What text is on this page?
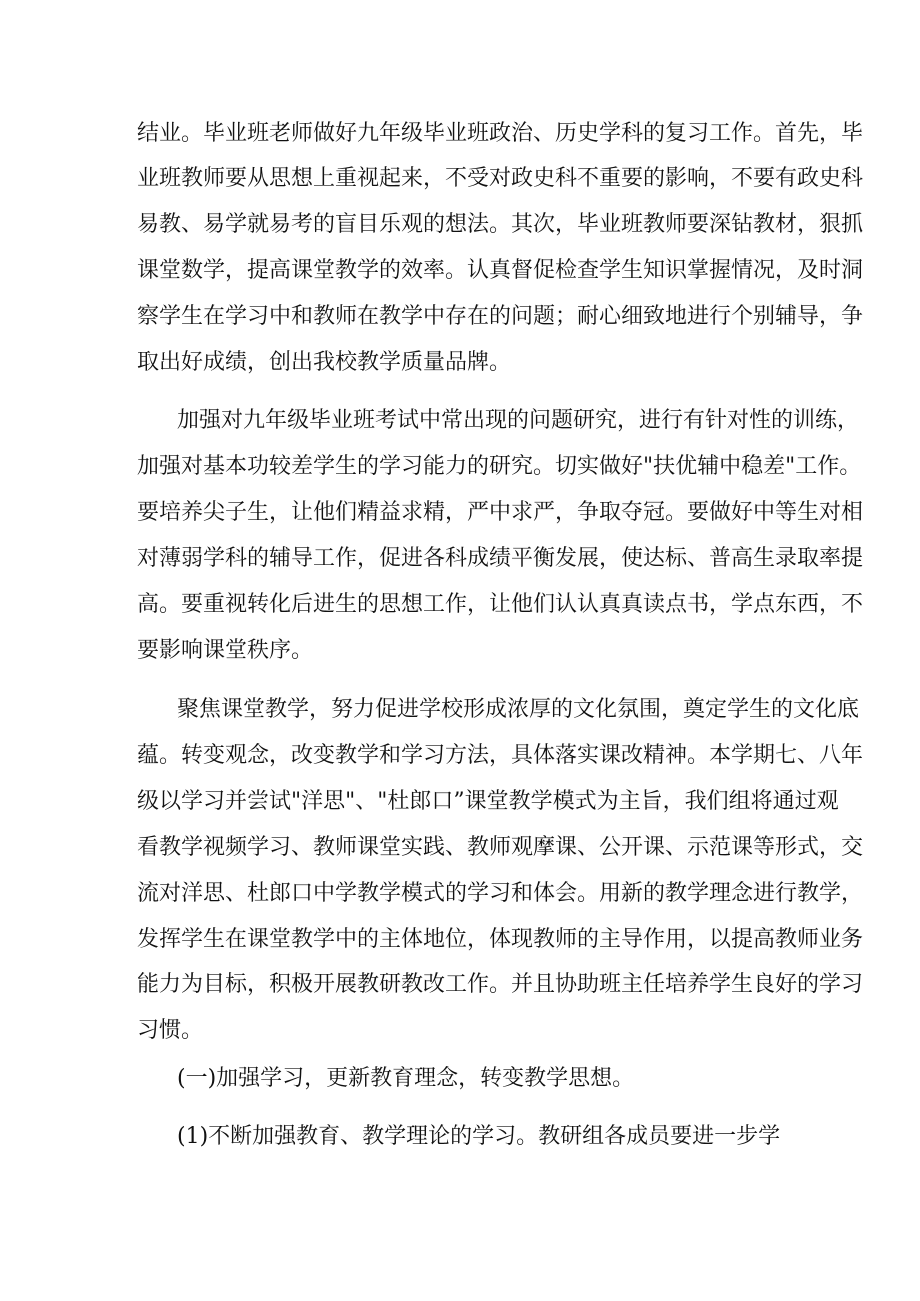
结业。毕业班老师做好九年级毕业班政治、历史学科的复习工作。首先，毕
业班教师要从思想上重视起来，不受对政史科不重要的影响，不要有政史科
易教、易学就易考的盲目乐观的想法。其次，毕业班教师要深钻教材，狠抓
课堂数学，提高课堂教学的效率。认真督促检查学生知识掌握情况，及时洞
察学生在学习中和教师在教学中存在的问题；耐心细致地进行个别辅导，争
取出好成绩，创出我校教学质量品牌。
加强对九年级毕业班考试中常出现的问题研究，进行有针对性的训练，
加强对基本功较差学生的学习能力的研究。切实做好"扶优辅中稳差"工作。
要培养尖子生，让他们精益求精，严中求严，争取夺冠。要做好中等生对相
对薄弱学科的辅导工作，促进各科成绩平衡发展，使达标、普高生录取率提
高。要重视转化后进生的思想工作，让他们认认真真读点书，学点东西，不
要影响课堂秩序。
聚焦课堂教学，努力促进学校形成浓厚的文化氛围，奠定学生的文化底
蕴。转变观念，改变教学和学习方法，具体落实课改精神。本学期七、八年
级以学习并尝试"洋思"、"杜郎口”课堂教学模式为主旨，我们组将通过观
看教学视频学习、教师课堂实践、教师观摩课、公开课、示范课等形式，交
流对洋思、杜郎口中学教学模式的学习和体会。用新的教学理念进行教学，
发挥学生在课堂教学中的主体地位，体现教师的主导作用，以提高教师业务
能力为目标，积极开展教研教改工作。并且协助班主任培养学生良好的学习
习惯。
(一)加强学习，更新教育理念，转变教学思想。
(1)不断加强教育、教学理论的学习。教研组各成员要进一步学
